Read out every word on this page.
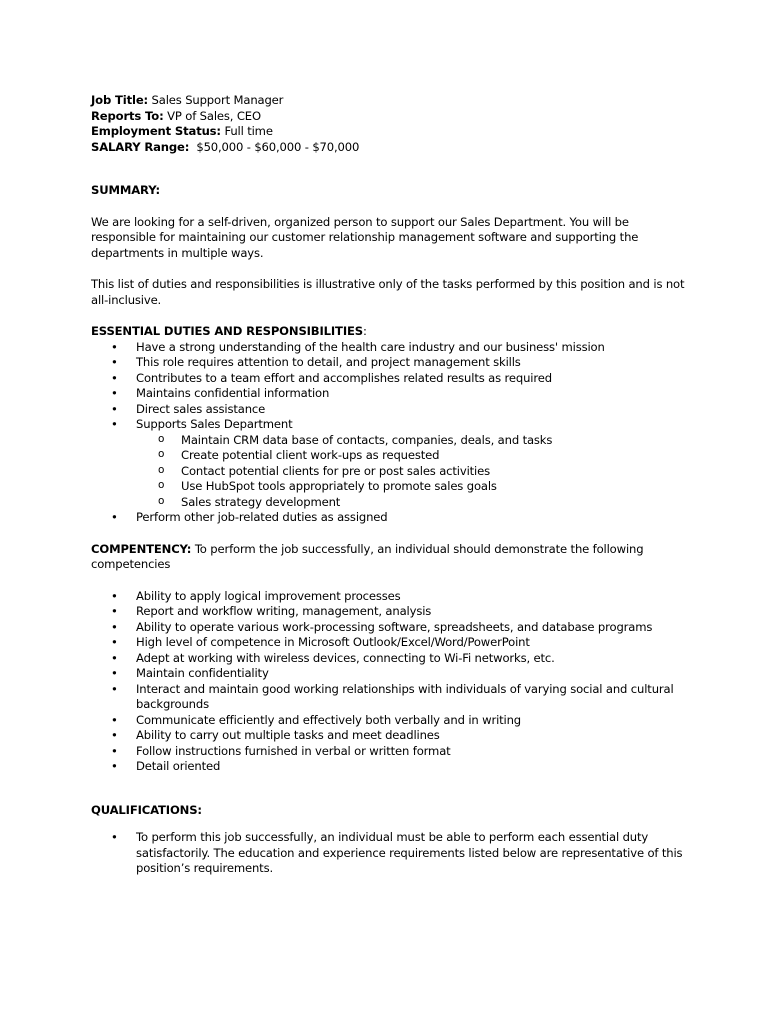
Job Title: Sales Support Manager

Reports To: VP of Sales, CEO

Employment Status: Full time

SALARY Range:  $50,000 - $60,000 - $70,000

SUMMARY:

We are looking for a self-driven, organized person to support our Sales Department. You will be responsible for maintaining our customer relationship management software and supporting the departments in multiple ways.

This list of duties and responsibilities is illustrative only of the tasks performed by this position and is not all-inclusive.

ESSENTIAL DUTIES AND RESPONSIBILITIES:

• Have a strong understanding of the health care industry and our business' mission
• This role requires attention to detail, and project management skills
• Contributes to a team effort and accomplishes related results as required
• Maintains confidential information
• Direct sales assistance
• Supports Sales Department
o Maintain CRM data base of contacts, companies, deals, and tasks
o Create potential client work-ups as requested
o Contact potential clients for pre or post sales activities
o Use HubSpot tools appropriately to promote sales goals
o Sales strategy development
• Perform other job-related duties as assigned

COMPENTENCY: To perform the job successfully, an individual should demonstrate the following competencies

• Ability to apply logical improvement processes
• Report and workflow writing, management, analysis
• Ability to operate various work-processing software, spreadsheets, and database programs
• High level of competence in Microsoft Outlook/Excel/Word/PowerPoint
• Adept at working with wireless devices, connecting to Wi-Fi networks, etc.
• Maintain confidentiality
• Interact and maintain good working relationships with individuals of varying social and cultural backgrounds
• Communicate efficiently and effectively both verbally and in writing
• Ability to carry out multiple tasks and meet deadlines
• Follow instructions furnished in verbal or written format
• Detail oriented

QUALIFICATIONS:

• To perform this job successfully, an individual must be able to perform each essential duty satisfactorily. The education and experience requirements listed below are representative of this position’s requirements.
